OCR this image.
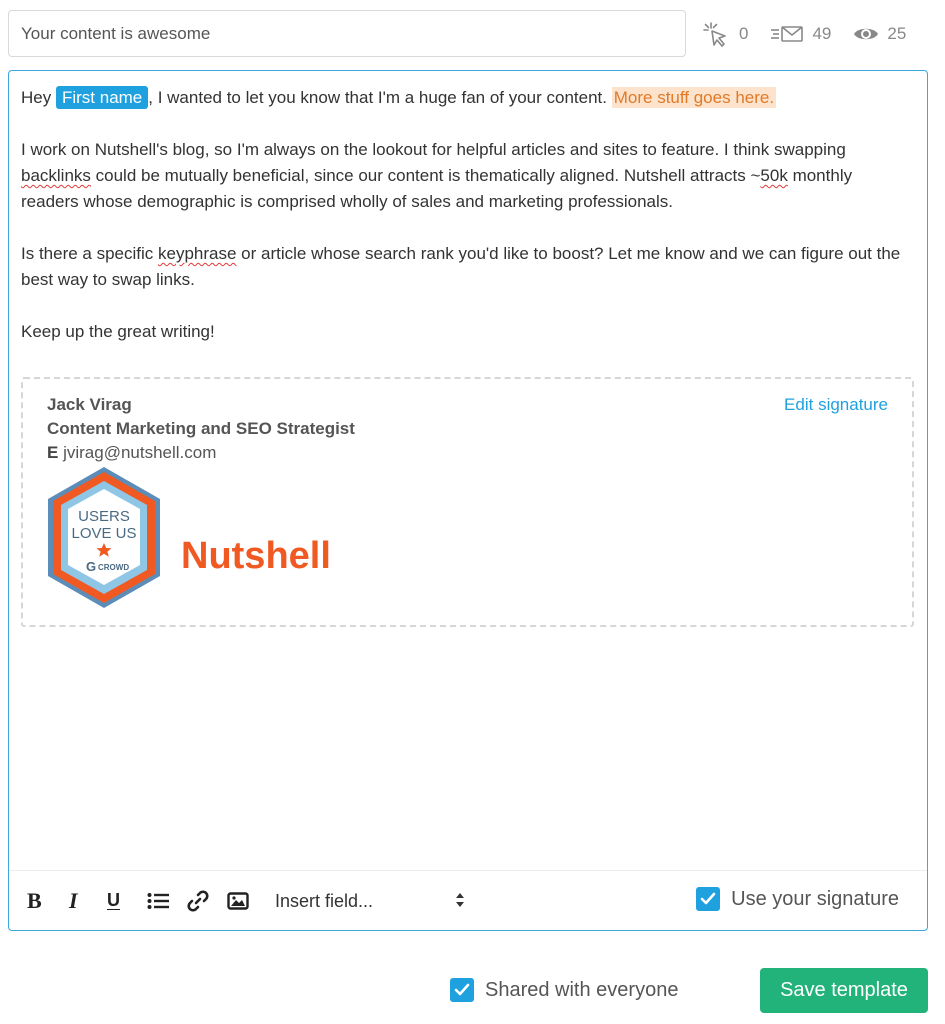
Your content is awesome
0	49	25

Hey First name , I wanted to let you know that I'm a huge fan of your content. More stuff goes here.

I work on Nutshell's blog, so I'm always on the lookout for helpful articles and sites to feature. I think swapping backlinks could be mutually beneficial, since our content is thematically aligned. Nutshell attracts ~50k monthly readers whose demographic is comprised wholly of sales and marketing professionals.

Is there a specific keyphrase or article whose search rank you'd like to boost? Let me know and we can figure out the best way to swap links.

Keep up the great writing!

Jack Virag
Content Marketing and SEO Strategist
E jvirag@nutshell.com
Edit signature
USERS
LOVE US
G CROWD Nutshell
B I U	Insert field...	Use your signature
Shared with everyone	Save template
